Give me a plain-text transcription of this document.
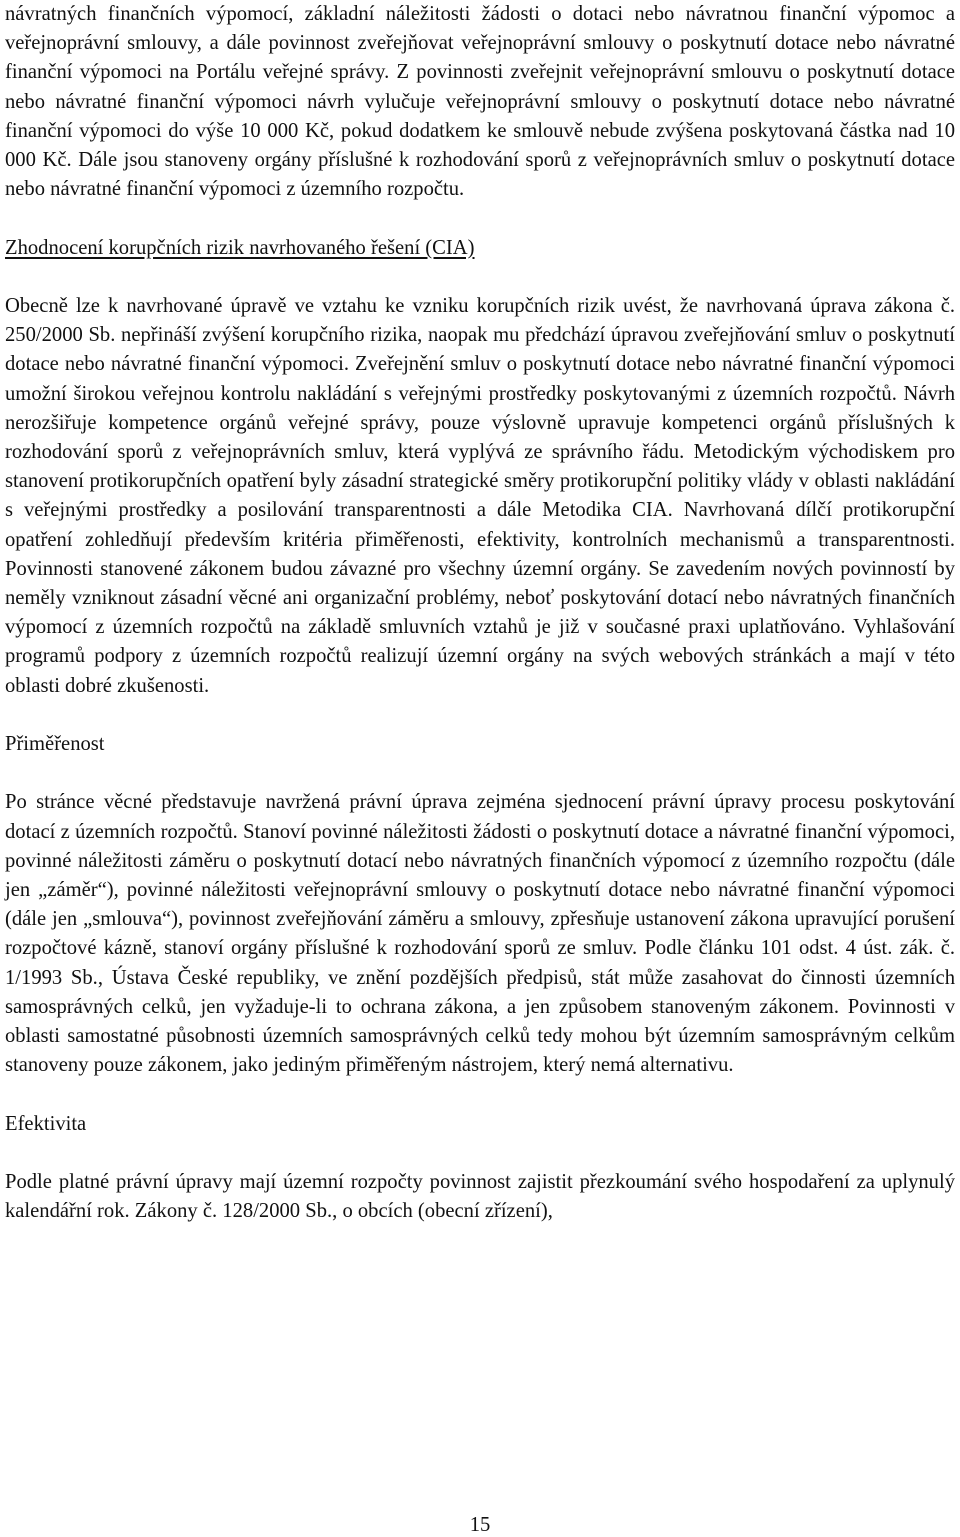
návratných finančních výpomocí, základní náležitosti žádosti o dotaci nebo návratnou finanční výpomoc a veřejnoprávní smlouvy, a dále povinnost zveřejňovat veřejnoprávní smlouvy o poskytnutí dotace nebo návratné finanční výpomoci na Portálu veřejné správy. Z povinnosti zveřejnit veřejnoprávní smlouvu o poskytnutí dotace nebo návratné finanční výpomoci návrh vylučuje veřejnoprávní smlouvy o poskytnutí dotace nebo návratné finanční výpomoci do výše 10 000 Kč, pokud dodatkem ke smlouvě nebude zvýšena poskytovaná částka nad 10 000 Kč. Dále jsou stanoveny orgány příslušné k rozhodování sporů z veřejnoprávních smluv o poskytnutí dotace nebo návratné finanční výpomoci z územního rozpočtu.

Zhodnocení korupčních rizik navrhovaného řešení (CIA)

Obecně lze k navrhované úpravě ve vztahu ke vzniku korupčních rizik uvést, že navrhovaná úprava zákona č. 250/2000 Sb. nepřináší zvýšení korupčního rizika, naopak mu předchází úpravou zveřejňování smluv o poskytnutí dotace nebo návratné finanční výpomoci. Zveřejnění smluv o poskytnutí dotace nebo návratné finanční výpomoci umožní širokou veřejnou kontrolu nakládání s veřejnými prostředky poskytovanými z územních rozpočtů. Návrh nerozšiřuje kompetence orgánů veřejné správy, pouze výslovně upravuje kompetenci orgánů příslušných k rozhodování sporů z veřejnoprávních smluv, která vyplývá ze správního řádu. Metodickým východiskem pro stanovení protikorupčních opatření byly zásadní strategické směry protikorupční politiky vlády v oblasti nakládání s veřejnými prostředky a posilování transparentnosti a dále Metodika CIA. Navrhovaná dílčí protikorupční opatření zohledňují především kritéria přiměřenosti, efektivity, kontrolních mechanismů a transparentnosti. Povinnosti stanovené zákonem budou závazné pro všechny územní orgány. Se zavedením nových povinností by neměly vzniknout zásadní věcné ani organizační problémy, neboť poskytování dotací nebo návratných finančních výpomocí z územních rozpočtů na základě smluvních vztahů je již v současné praxi uplatňováno. Vyhlašování programů podpory z územních rozpočtů realizují územní orgány na svých webových stránkách a mají v této oblasti dobré zkušenosti.

Přiměřenost

Po stránce věcné představuje navržená právní úprava zejména sjednocení právní úpravy procesu poskytování dotací z územních rozpočtů. Stanoví povinné náležitosti žádosti o poskytnutí dotace a návratné finanční výpomoci, povinné náležitosti záměru o poskytnutí dotací nebo návratných finančních výpomocí z územního rozpočtu (dále jen „záměr“), povinné náležitosti veřejnoprávní smlouvy o poskytnutí dotace nebo návratné finanční výpomoci (dále jen „smlouva“), povinnost zveřejňování záměru a smlouvy, zpřesňuje ustanovení zákona upravující porušení rozpočtové kázně, stanoví orgány příslušné k rozhodování sporů ze smluv. Podle článku 101 odst. 4 úst. zák. č. 1/1993 Sb., Ústava České republiky, ve znění pozdějších předpisů, stát může zasahovat do činnosti územních samosprávných celků, jen vyžaduje-li to ochrana zákona, a jen způsobem stanoveným zákonem. Povinnosti v oblasti samostatné působnosti územních samosprávných celků tedy mohou být územním samosprávným celkům stanoveny pouze zákonem, jako jediným přiměřeným nástrojem, který nemá alternativu.

Efektivita

Podle platné právní úpravy mají územní rozpočty povinnost zajistit přezkoumání svého hospodaření za uplynulý kalendářní rok. Zákony č. 128/2000 Sb., o obcích (obecní zřízení),

15
